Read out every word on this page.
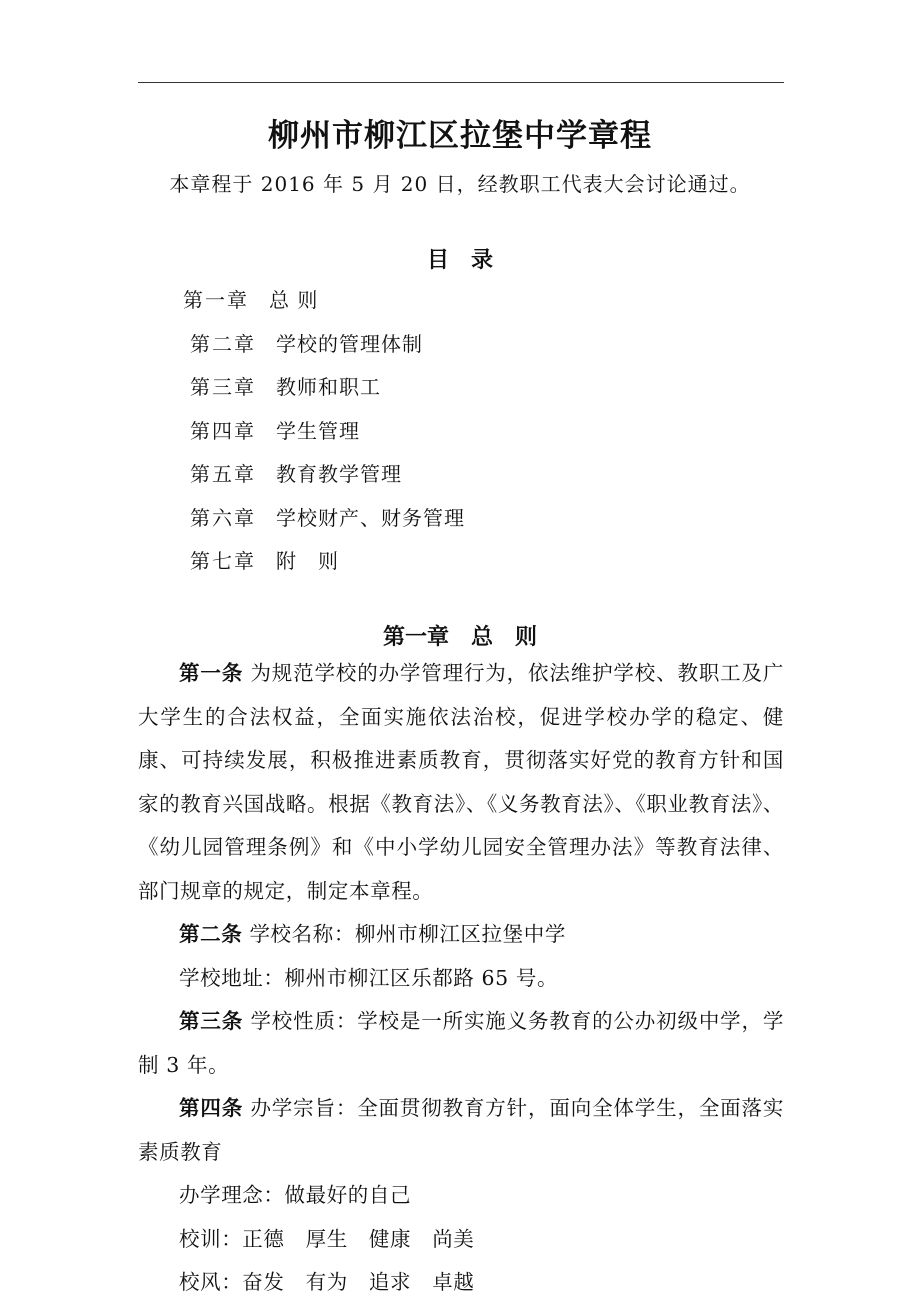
柳州市柳江区拉堡中学章程
本章程于 2016 年 5 月 20 日，经教职工代表大会讨论通过。
目　录
第一章 总 则
第二章 学校的管理体制
第三章 教师和职工
第四章 学生管理
第五章 教育教学管理
第六章 学校财产、财务管理
第七章 附　则
第一章　总　则

第一条 为规范学校的办学管理行为，依法维护学校、教职工及广大学生的合法权益，全面实施依法治校，促进学校办学的稳定、健康、可持续发展，积极推进素质教育，贯彻落实好党的教育方针和国家的教育兴国战略。根据《教育法》、《义务教育法》、《职业教育法》、《幼儿园管理条例》和《中小学幼儿园安全管理办法》等教育法律、部门规章的规定，制定本章程。

第二条 学校名称：柳州市柳江区拉堡中学

学校地址：柳州市柳江区乐都路 65 号。

第三条 学校性质：学校是一所实施义务教育的公办初级中学，学制 3 年。

第四条 办学宗旨：全面贯彻教育方针，面向全体学生，全面落实素质教育

办学理念：做最好的自己

校训：正德　厚生　健康　尚美

校风：奋发　有为　追求　卓越
